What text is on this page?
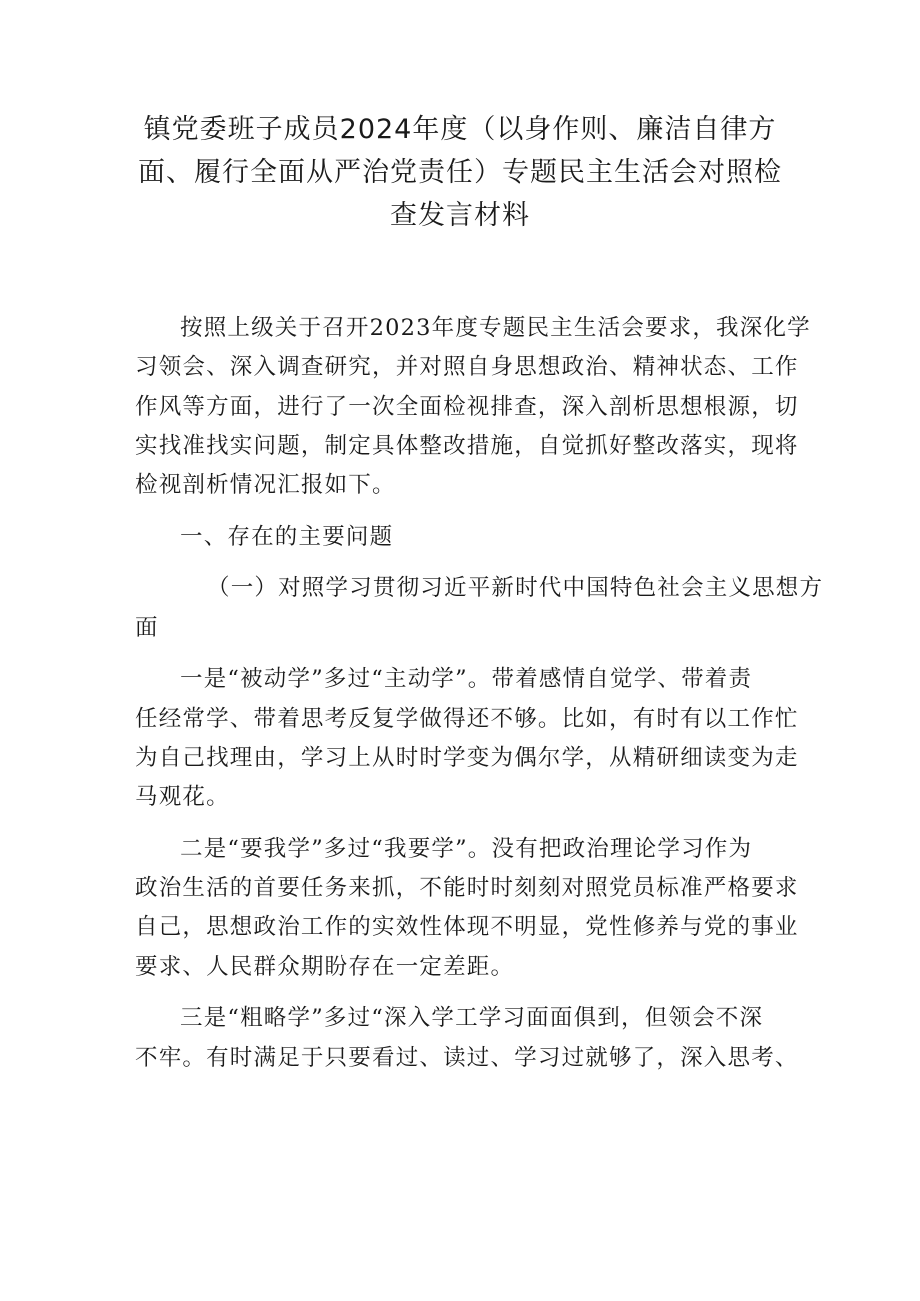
镇党委班子成员2024年度（以身作则、廉洁自律方
面、履行全面从严治党责任）专题民主生活会对照检
查发言材料

按照上级关于召开2023年度专题民主生活会要求，我深化学

习领会、深入调查研究，并对照自身思想政治、精神状态、工作

作风等方面，进行了一次全面检视排查，深入剖析思想根源，切

实找准找实问题，制定具体整改措施，自觉抓好整改落实，现将

检视剖析情况汇报如下。

一、存在的主要问题

（一）对照学习贯彻习近平新时代中国特色社会主义思想方

面

一是“被动学”多过“主动学”。带着感情自觉学、带着责

任经常学、带着思考反复学做得还不够。比如，有时有以工作忙

为自己找理由，学习上从时时学变为偶尔学，从精研细读变为走

马观花。

二是“要我学”多过“我要学”。没有把政治理论学习作为

政治生活的首要任务来抓，不能时时刻刻对照党员标准严格要求

自己，思想政治工作的实效性体现不明显，党性修养与党的事业

要求、人民群众期盼存在一定差距。

三是“粗略学”多过“深入学工学习面面俱到，但领会不深

不牢。有时满足于只要看过、读过、学习过就够了，深入思考、
